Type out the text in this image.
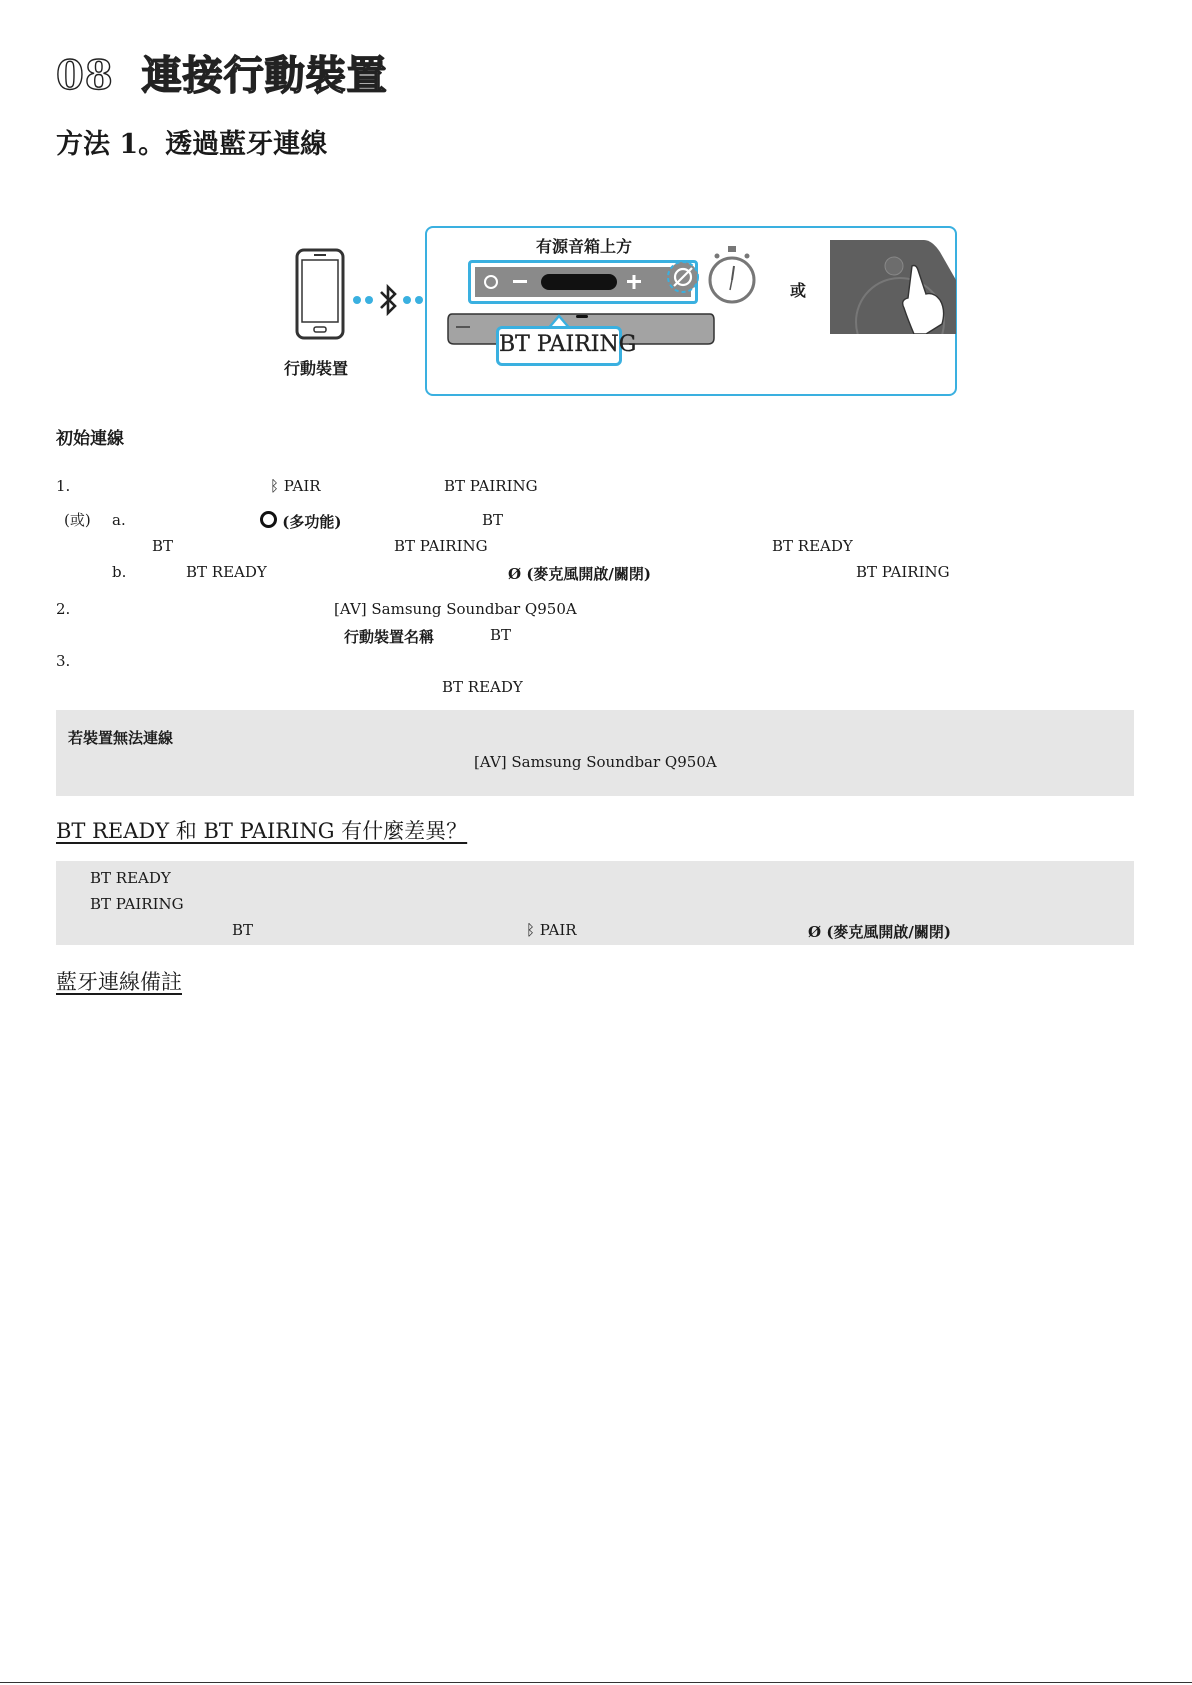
08 連接行動裝置
方法 1。透過藍牙連線
行動裝置
有源音箱上方
BT PAIRING
或
初始連線
1.	ᛒ PAIR	BT PAIRING
(或) a.	(多功能)	BT
BT	BT PAIRING	BT READY
b.	BT READY	Ø (麥克風開啟/關閉)	BT PAIRING
2.	[AV] Samsung Soundbar Q950A
行動裝置名稱	BT
3.
BT READY
若裝置無法連線
[AV] Samsung Soundbar Q950A
BT READY 和 BT PAIRING 有什麼差異？
BT READY
BT PAIRING
BT	ᛒ PAIR	Ø (麥克風開啟/關閉)
藍牙連線備註
